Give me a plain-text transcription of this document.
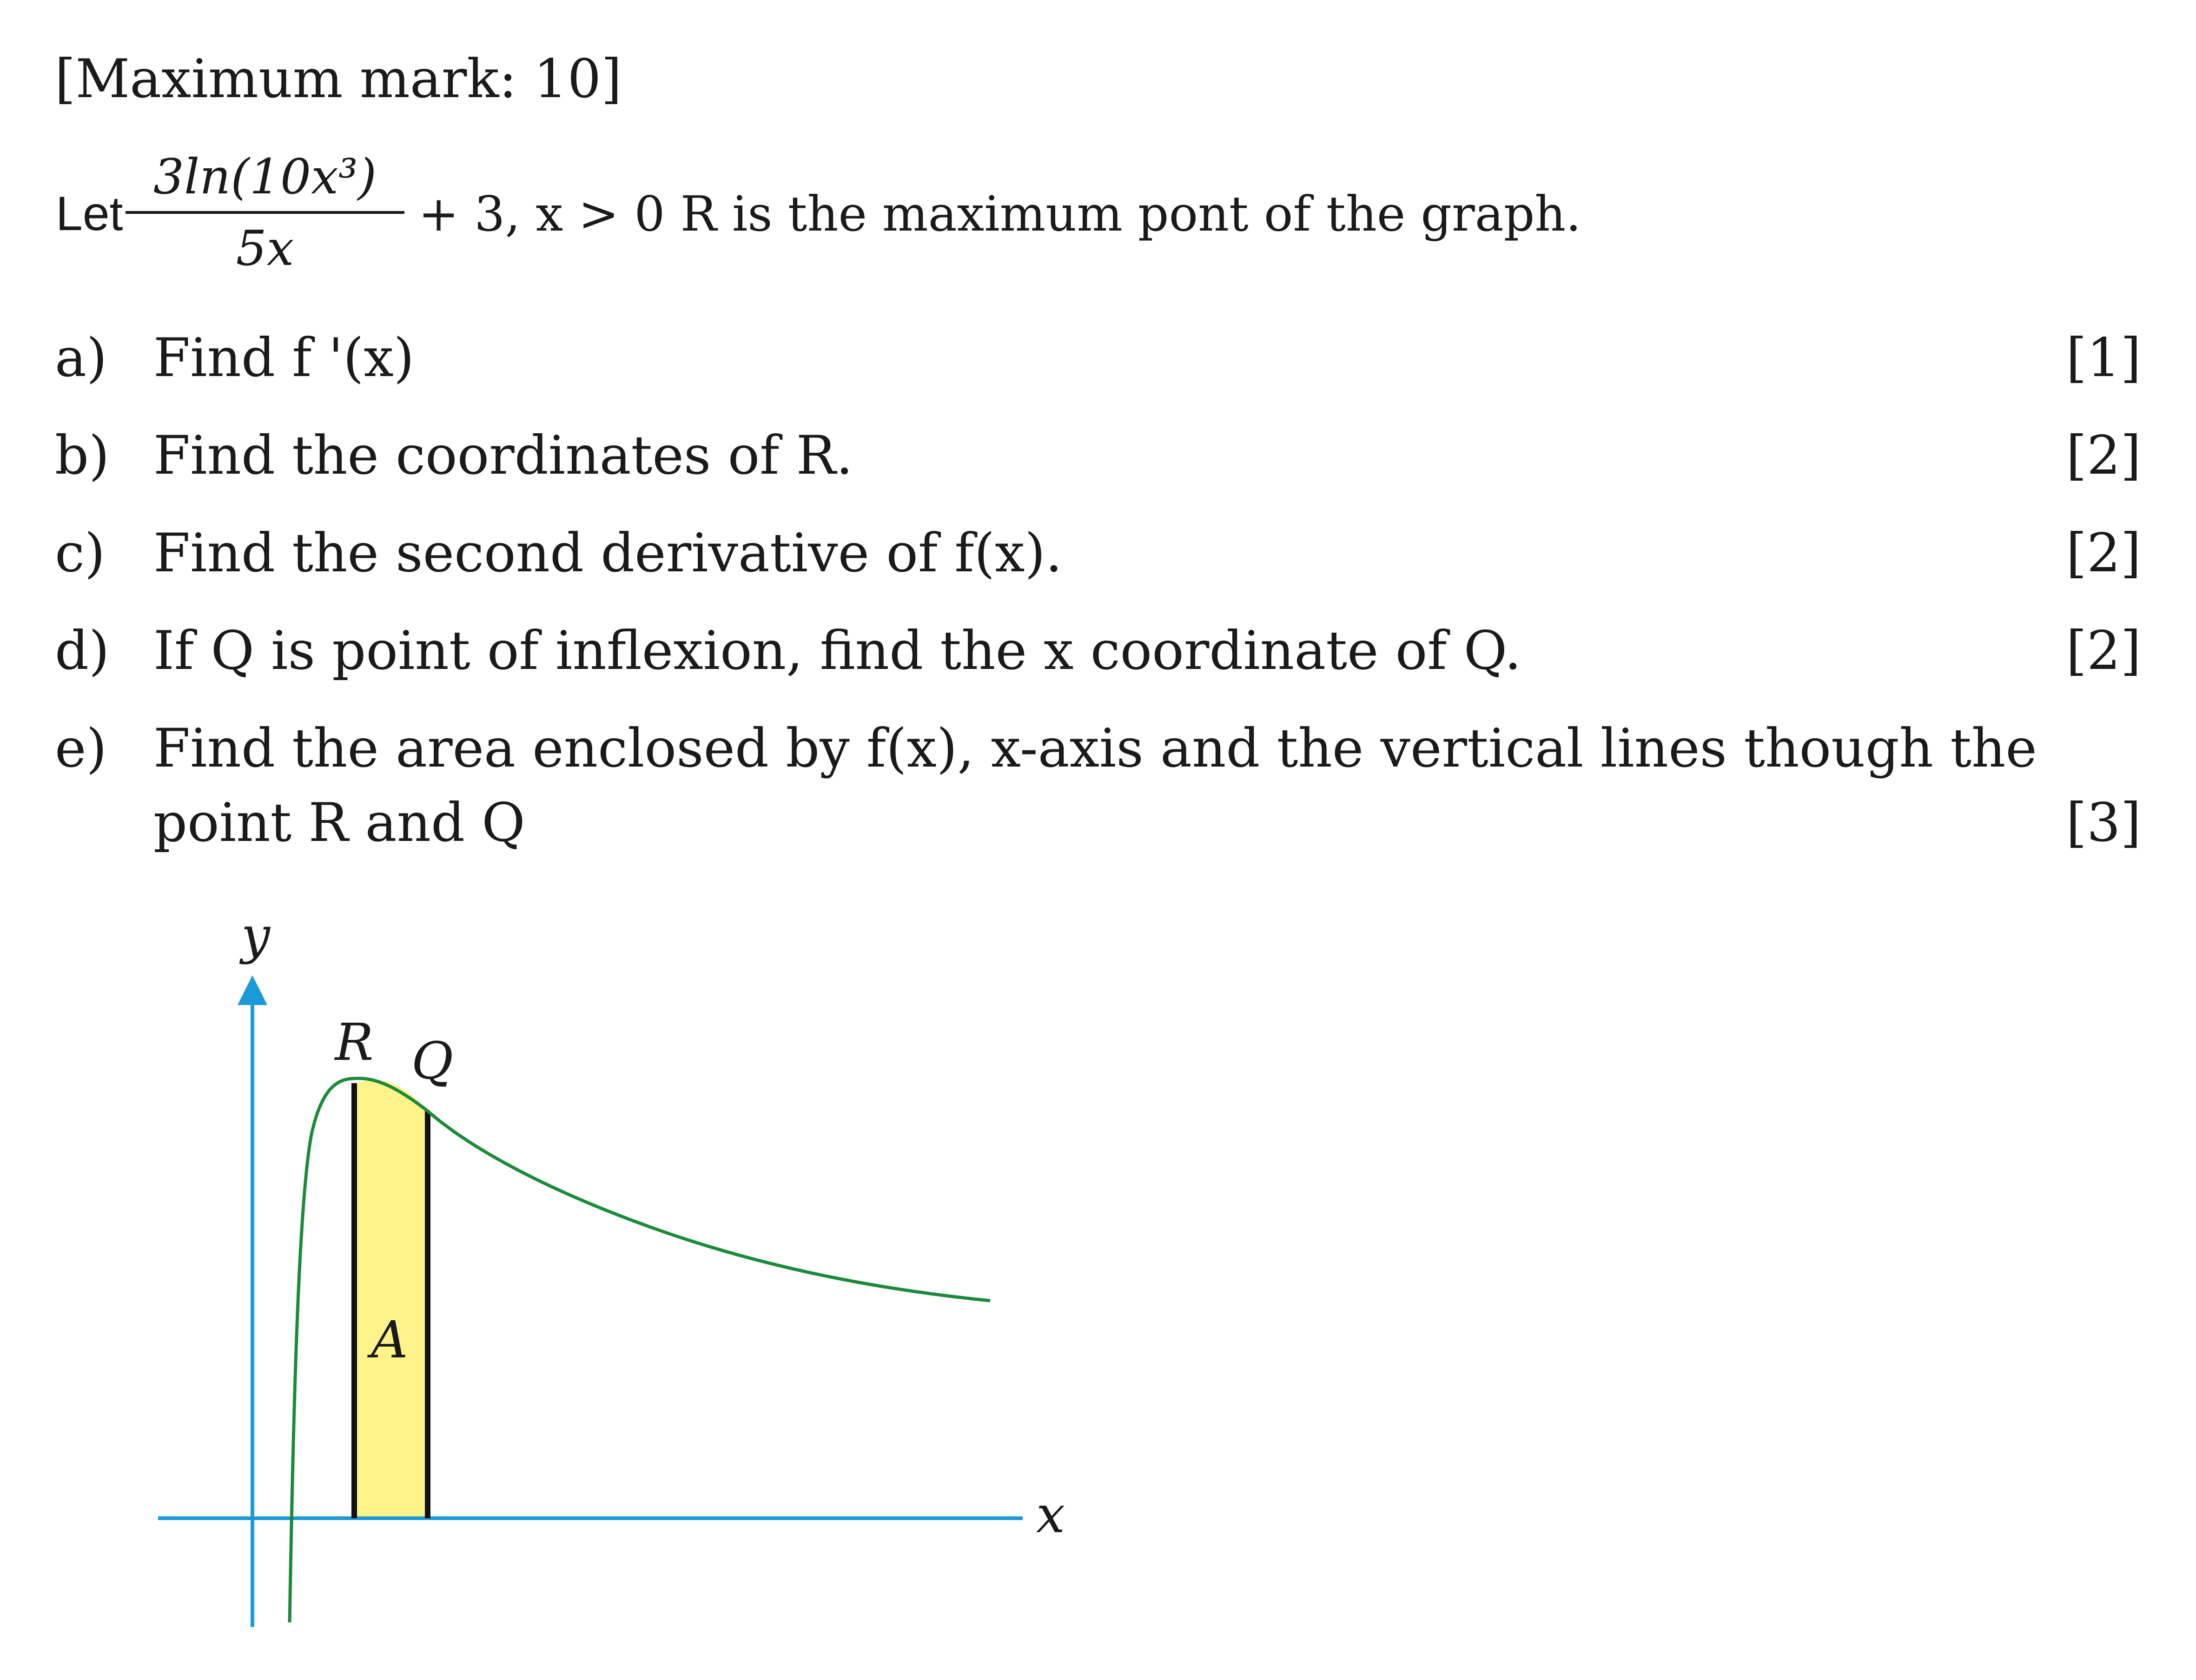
[Maximum mark: 10]
Let
3ln(10x³)
5x
+ 3, x > 0 R is the maximum pont of the graph.
a) Find f '(x)	[1]
b) Find the coordinates of R.	[2]
c) Find the second derivative of f(x).	[2]
d) If Q is point of inflexion, find the x coordinate of Q.	[2]
e) Find the area enclosed by f(x), x-axis and the vertical lines though the
point R and Q	[3]
y
x
R Q
A
